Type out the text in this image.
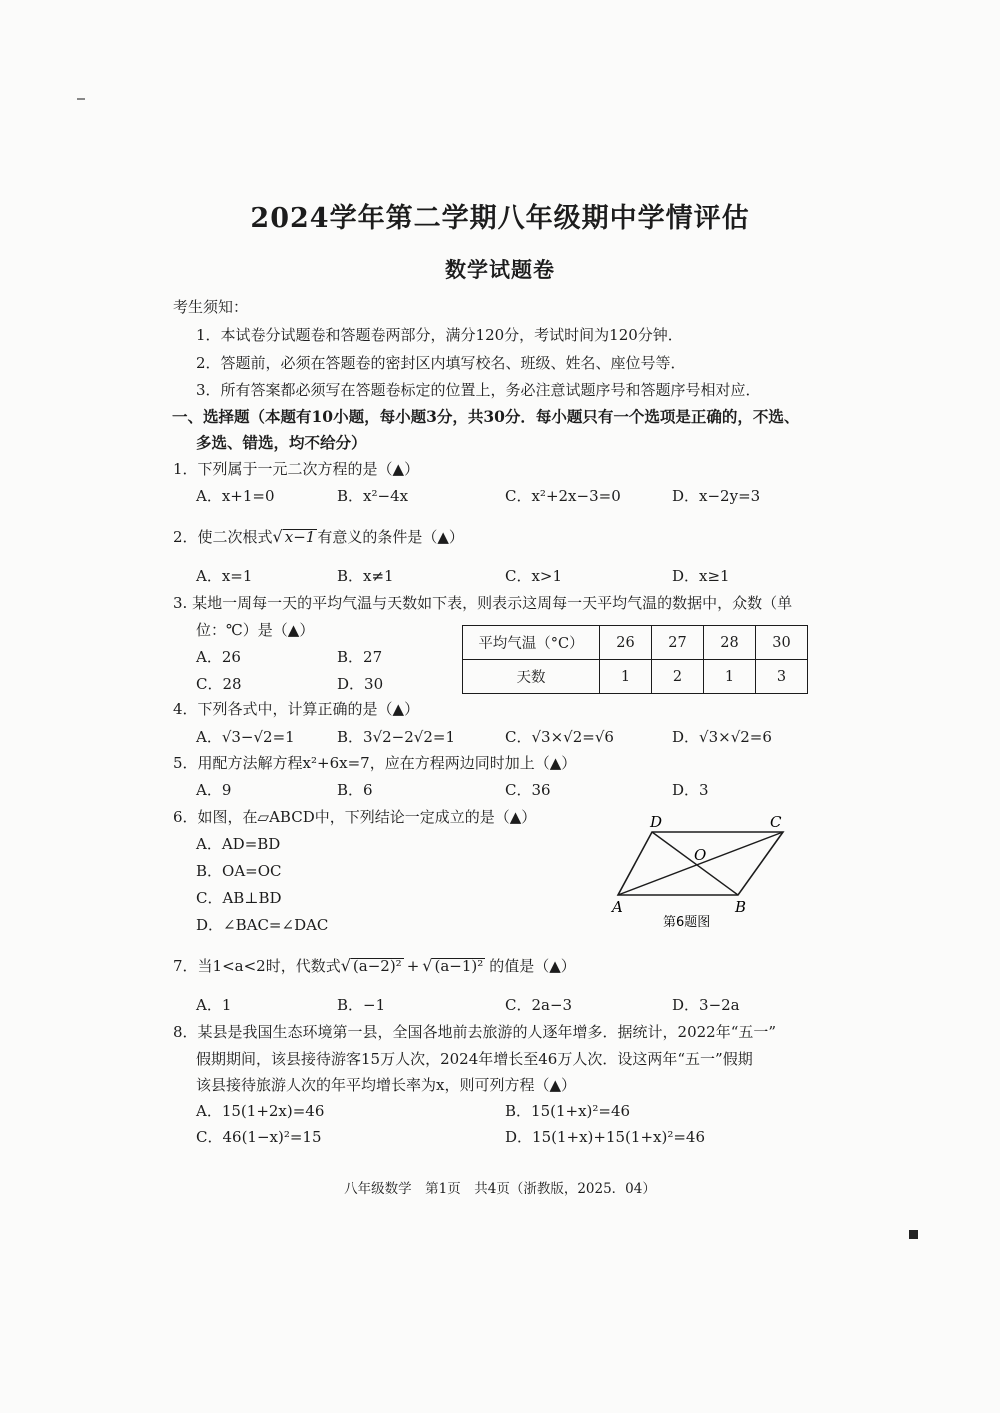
2024学年第二学期八年级期中学情评估
数学试题卷
考生须知：
1．本试卷分试题卷和答题卷两部分，满分120分，考试时间为120分钟．
2．答题前，必须在答题卷的密封区内填写校名、班级、姓名、座位号等．
3．所有答案都必须写在答题卷标定的位置上，务必注意试题序号和答题序号相对应．
一、选择题（本题有10小题，每小题3分，共30分．每小题只有一个选项是正确的，不选、
多选、错选，均不给分）
1．下列属于一元二次方程的是（▲）
A．x+1=0	B．x²−4x	C．x²+2x−3=0	D．x−2y=3
2．使二次根式√ x−1 有意义的条件是（▲）
A．x=1	B．x≠1	C．x>1	D．x≥1
3. 某地一周每一天的平均气温与天数如下表，则表示这周每一天平均气温的数据中，众数（单
位：℃）是（▲）
A．26	B．27
C．28	D．30
平均气温（°C）	26	27	28	30
天数	1	2	1	3
4．下列各式中，计算正确的是（▲）
A．√3−√2=1	B．3√2−2√2=1	C．√3×√2=√6	D．√3×√2=6
5．用配方法解方程x²+6x=7，应在方程两边同时加上（▲）
A．9	B．6	C．36	D．3
6．如图，在▱ABCD中，下列结论一定成立的是（▲）
A．AD=BD
B．OA=OC
C．AB⊥BD
D．∠BAC=∠DAC
D	C
O
A	B
第6题图
7．当1<a<2时，代数式√ (a−2)² + √ (a−1)² 的值是（▲）
A．1	B．−1	C．2a−3	D．3−2a
8．某县是我国生态环境第一县，全国各地前去旅游的人逐年增多．据统计，2022年“五一”
假期期间，该县接待游客15万人次，2024年增长至46万人次．设这两年“五一”假期
该县接待旅游人次的年平均增长率为x，则可列方程（▲）
A．15(1+2x)=46	B．15(1+x)²=46
C．46(1−x)²=15	D．15(1+x)+15(1+x)²=46
八年级数学　第1页　共4页（浙教版，2025．04）
